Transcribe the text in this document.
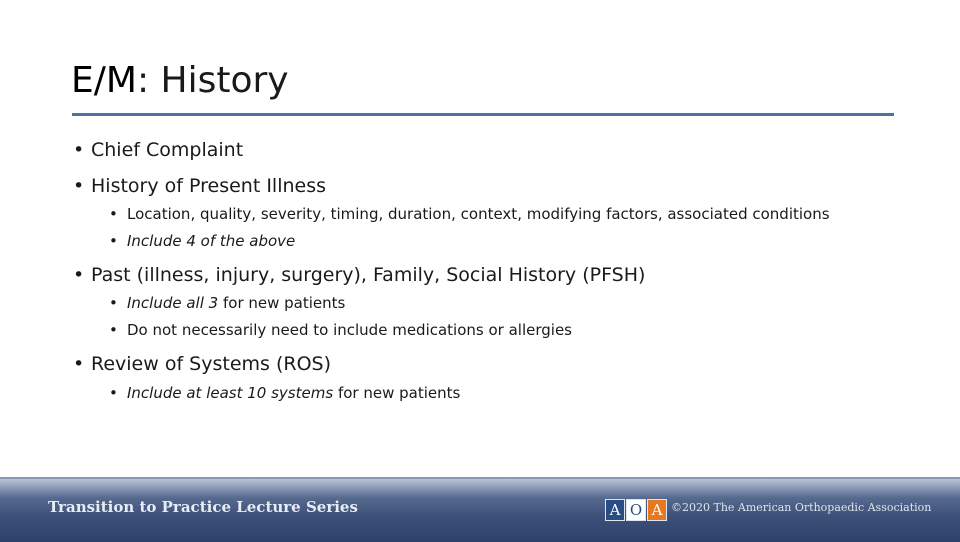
E/M: History
• Chief Complaint
• History of Present Illness
• Location, quality, severity, timing, duration, context, modifying factors, associated conditions
• Include 4 of the above
• Past (illness, injury, surgery), Family, Social History (PFSH)
• Include all 3 for new patients
• Do not necessarily need to include medications or allergies
• Review of Systems (ROS)
• Include at least 10 systems for new patients
Transition to Practice Lecture Series	A O A ©2020 The American Orthopaedic Association
